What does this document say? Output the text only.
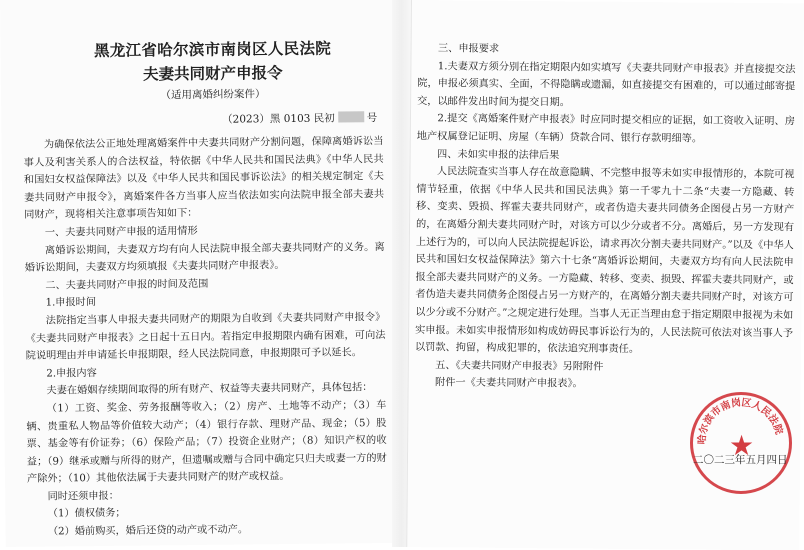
黑龙江省哈尔滨市南岗区人民法院
夫妻共同财产申报令
（适用离婚纠纷案件）
（2023）黑 0103 民初	号

为确保依法公正地处理离婚案件中夫妻共同财产分割问题，保障离婚诉讼当事人及利害关系人的合法权益，特依据《中华人民共和国民法典》《中华人民共和国妇女权益保障法》以及《中华人民共和国民事诉讼法》的相关规定制定《夫妻共同财产申报令》，离婚案件各方当事人应当依法如实向法院申报全部夫妻共同财产，现将相关注意事项告知如下：

一、夫妻共同财产申报的适用情形

离婚诉讼期间，夫妻双方均有向人民法院申报全部夫妻共同财产的义务。离婚诉讼期间，夫妻双方均须填报《夫妻共同财产申报表》。

二、夫妻共同财产申报的时间及范围
1.申报时间

法院指定当事人申报夫妻共同财产的期限为自收到《夫妻共同财产申报令》《夫妻共同财产申报表》之日起十五日内。若指定申报期限内确有困难，可向法院说明理由并申请延长申报期限，经人民法院同意，申报期限可予以延长。

2.申报内容

夫妻在婚姻存续期间取得的所有财产、权益等夫妻共同财产，具体包括：

（1）工资、奖金、劳务报酬等收入；（2）房产、土地等不动产；（3）车辆、贵重私人物品等价值较大动产；（4）银行存款、理财产品、现金；（5）股票、基金等有价证券；（6）保险产品；（7）投资企业财产；（8）知识产权的收益；（9）继承或赠与所得的财产，但遗嘱或赠与合同中确定只归夫或妻一方的财产除外；（10）其他依法属于夫妻共同财产的财产或权益。

同时还须申报：

（1）债权债务；

（2）婚前购买，婚后还贷的动产或不动产。

三、申报要求

1.夫妻双方须分别在指定期限内如实填写《夫妻共同财产申报表》并直接提交法院，申报必须真实、全面，不得隐瞒或遗漏，如直接提交有困难的，可以通过邮寄提交，以邮件发出时间为提交日期。

2.提交《离婚案件财产申报表》时应同时提交相应的证据，如工资收入证明、房地产权属登记证明、房屋（车辆）贷款合同、银行存款明细等。

四、未如实申报的法律后果

人民法院查实当事人存在故意隐瞒、不完整申报等未如实申报情形的，本院可视情节轻重，依据《中华人民共和国民法典》第一千零九十二条“夫妻一方隐藏、转移、变卖、毁损、挥霍夫妻共同财产，或者伪造夫妻共同债务企图侵占另一方财产的，在离婚分割夫妻共同财产时，对该方可以少分或者不分。离婚后，另一方发现有上述行为的，可以向人民法院提起诉讼，请求再次分割夫妻共同财产。”以及《中华人民共和国妇女权益保障法》第六十七条“离婚诉讼期间，夫妻双方均有向人民法院申报全部夫妻共同财产的义务。一方隐藏、转移、变卖、损毁、挥霍夫妻共同财产，或者伪造夫妻共同债务企图侵占另一方财产的，在离婚分割夫妻共同财产时，对该方可以少分或不分财产。”之规定进行处理。当事人无正当理由怠于指定期限申报视为未如实申报。未如实申报情形如构成妨碍民事诉讼行为的，人民法院可依法对该当事人予以罚款、拘留，构成犯罪的，依法追究刑事责任。

五、《夫妻共同财产申报表》另附附件

附件一《夫妻共同财产申报表》。

哈尔滨市南岗区人民法院
★
二〇二三年五月四日
